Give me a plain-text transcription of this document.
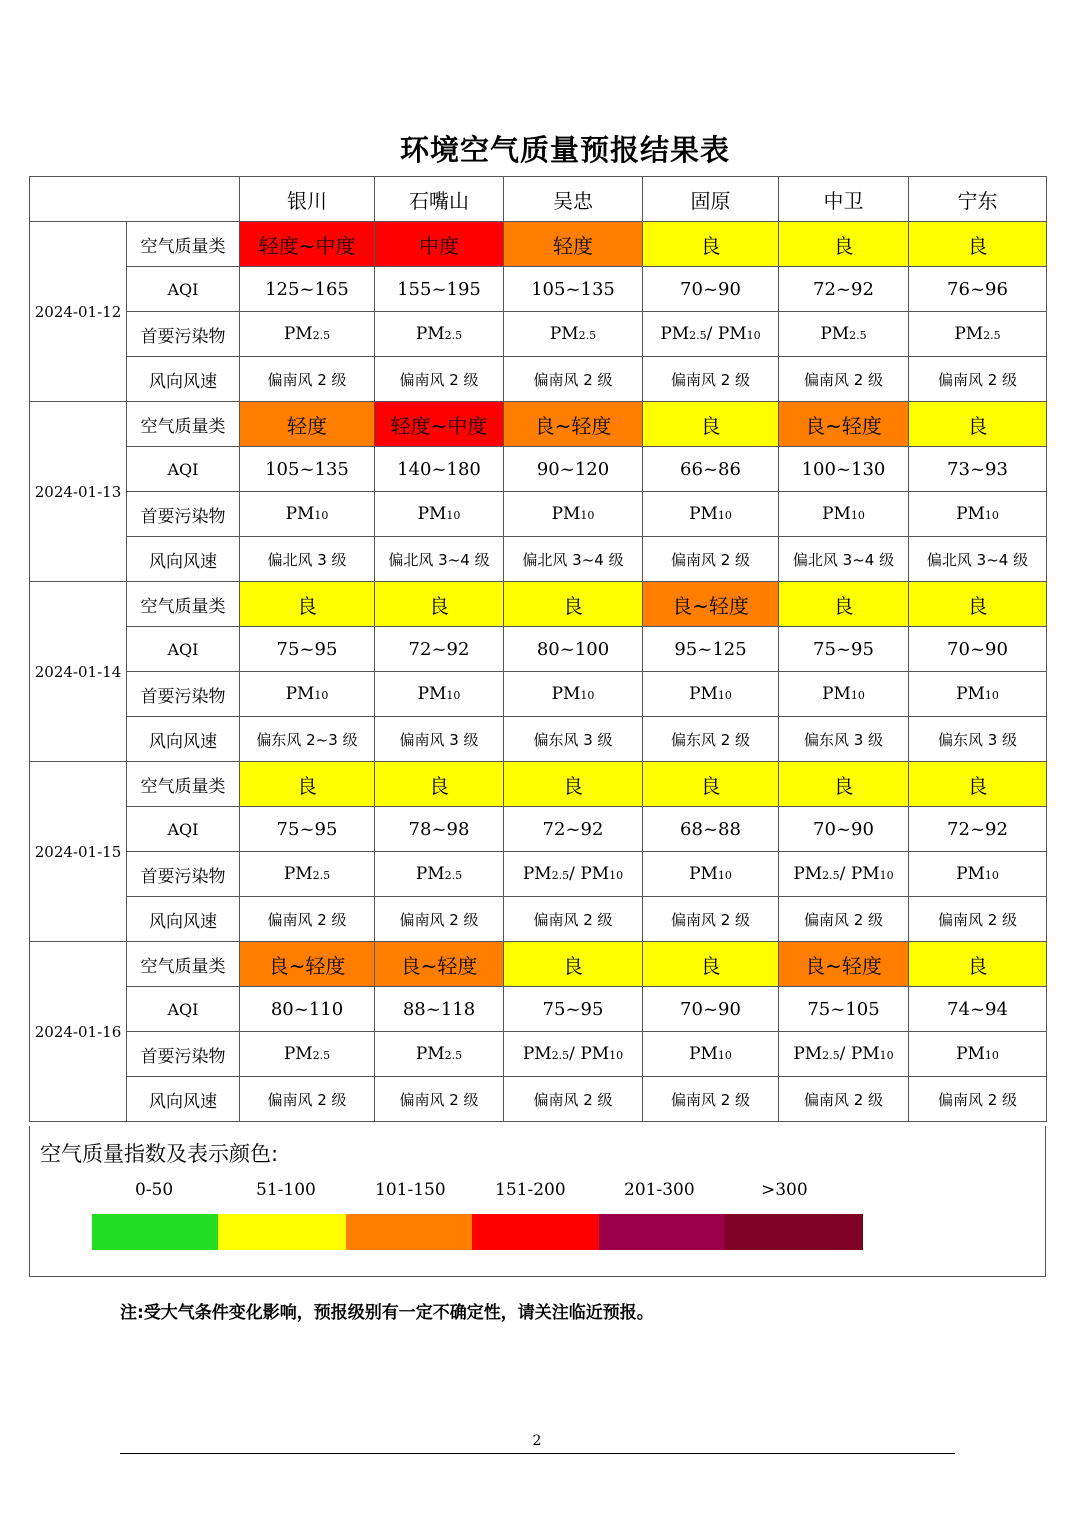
环境空气质量预报结果表
		银川	石嘴山	吴忠	固原	中卫	宁东
2024-01-12	空气质量类	轻度~中度	中度	轻度	良	良	良
	AQI	125~165	155~195	105~135	70~90	72~92	76~96
	首要污染物	PM2.5	PM2.5	PM2.5	PM2.5/ PM10	PM2.5	PM2.5
	风向风速	偏南风 2 级	偏南风 2 级	偏南风 2 级	偏南风 2 级	偏南风 2 级	偏南风 2 级
2024-01-13	空气质量类	轻度	轻度~中度	良~轻度	良	良~轻度	良
	AQI	105~135	140~180	90~120	66~86	100~130	73~93
	首要污染物	PM10	PM10	PM10	PM10	PM10	PM10
	风向风速	偏北风 3 级	偏北风 3~4 级	偏北风 3~4 级	偏南风 2 级	偏北风 3~4 级	偏北风 3~4 级
2024-01-14	空气质量类	良	良	良	良~轻度	良	良
	AQI	75~95	72~92	80~100	95~125	75~95	70~90
	首要污染物	PM10	PM10	PM10	PM10	PM10	PM10
	风向风速	偏东风 2~3 级	偏南风 3 级	偏东风 3 级	偏东风 2 级	偏东风 3 级	偏东风 3 级
2024-01-15	空气质量类	良	良	良	良	良	良
	AQI	75~95	78~98	72~92	68~88	70~90	72~92
	首要污染物	PM2.5	PM2.5	PM2.5/ PM10	PM10	PM2.5/ PM10	PM10
	风向风速	偏南风 2 级	偏南风 2 级	偏南风 2 级	偏南风 2 级	偏南风 2 级	偏南风 2 级
2024-01-16	空气质量类	良~轻度	良~轻度	良	良	良~轻度	良
	AQI	80~110	88~118	75~95	70~90	75~105	74~94
	首要污染物	PM2.5	PM2.5	PM2.5/ PM10	PM10	PM2.5/ PM10	PM10
	风向风速	偏南风 2 级	偏南风 2 级	偏南风 2 级	偏南风 2 级	偏南风 2 级	偏南风 2 级
空气质量指数及表示颜色:
0-50	51-100	101-150	151-200	201-300	>300
注:受大气条件变化影响，预报级别有一定不确定性，请关注临近预报。
2
